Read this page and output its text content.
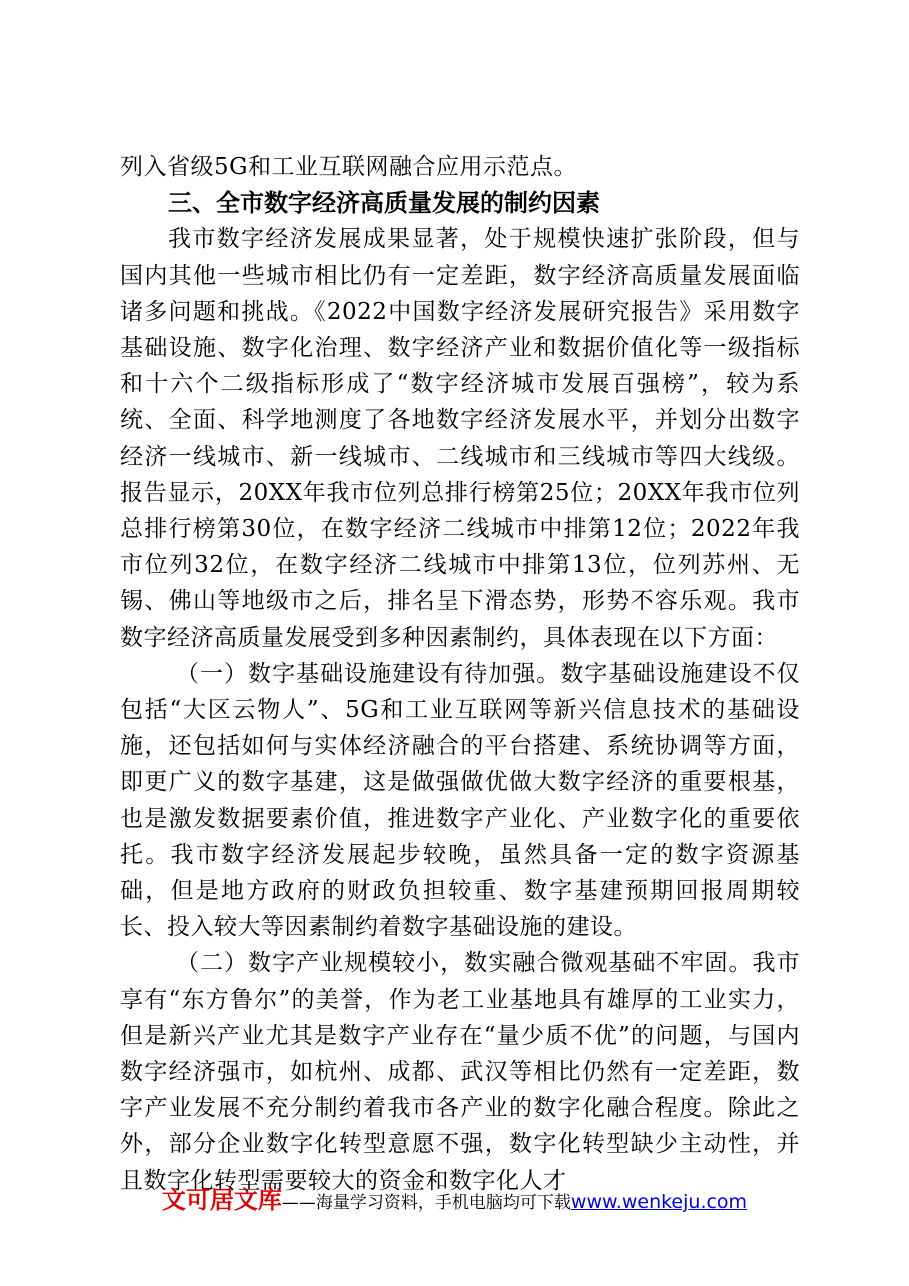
列入省级5G和工业互联网融合应用示范点。

三、全市数字经济高质量发展的制约因素

我市数字经济发展成果显著，处于规模快速扩张阶段，但与国内其他一些城市相比仍有一定差距，数字经济高质量发展面临诸多问题和挑战。《2022中国数字经济发展研究报告》采用数字基础设施、数字化治理、数字经济产业和数据价值化等一级指标和十六个二级指标形成了“数字经济城市发展百强榜”，较为系统、全面、科学地测度了各地数字经济发展水平，并划分出数字经济一线城市、新一线城市、二线城市和三线城市等四大线级。报告显示，20XX年我市位列总排行榜第25位；20XX年我市位列总排行榜第30位，在数字经济二线城市中排第12位；2022年我市位列32位，在数字经济二线城市中排第13位，位列苏州、无锡、佛山等地级市之后，排名呈下滑态势，形势不容乐观。我市数字经济高质量发展受到多种因素制约，具体表现在以下方面：

（一）数字基础设施建设有待加强。数字基础设施建设不仅包括“大区云物人”、5G和工业互联网等新兴信息技术的基础设施，还包括如何与实体经济融合的平台搭建、系统协调等方面，即更广义的数字基建，这是做强做优做大数字经济的重要根基，也是激发数据要素价值，推进数字产业化、产业数字化的重要依托。我市数字经济发展起步较晚，虽然具备一定的数字资源基础，但是地方政府的财政负担较重、数字基建预期回报周期较长、投入较大等因素制约着数字基础设施的建设。

（二）数字产业规模较小，数实融合微观基础不牢固。我市享有“东方鲁尔”的美誉，作为老工业基地具有雄厚的工业实力，但是新兴产业尤其是数字产业存在“量少质不优”的问题，与国内数字经济强市，如杭州、成都、武汉等相比仍然有一定差距，数字产业发展不充分制约着我市各产业的数字化融合程度。除此之外，部分企业数字化转型意愿不强，数字化转型缺少主动性，并且数字化转型需要较大的资金和数字化人才

文可居文库——海量学习资料，手机电脑均可下载www.wenkeju.com
